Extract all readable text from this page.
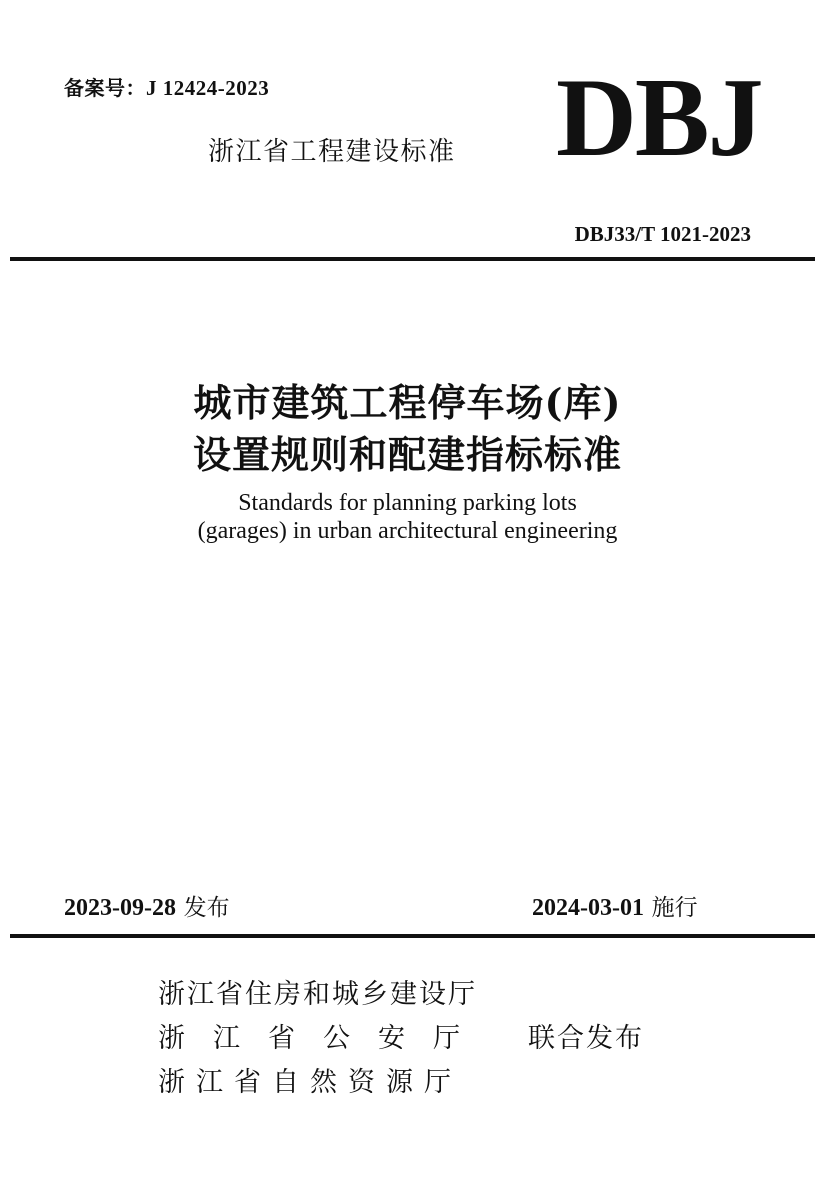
备案号：J 12424-2023
浙江省工程建设标准 DBJ
DBJ33/T 1021-2023
城市建筑工程停车场(库)
设置规则和配建指标标准
Standards for planning parking lots
(garages) in urban architectural engineering
2023-09-28 发布	2024-03-01 施行
浙江省住房和城乡建设厅
浙江省公安厅 联合发布
浙江省自然资源厅
